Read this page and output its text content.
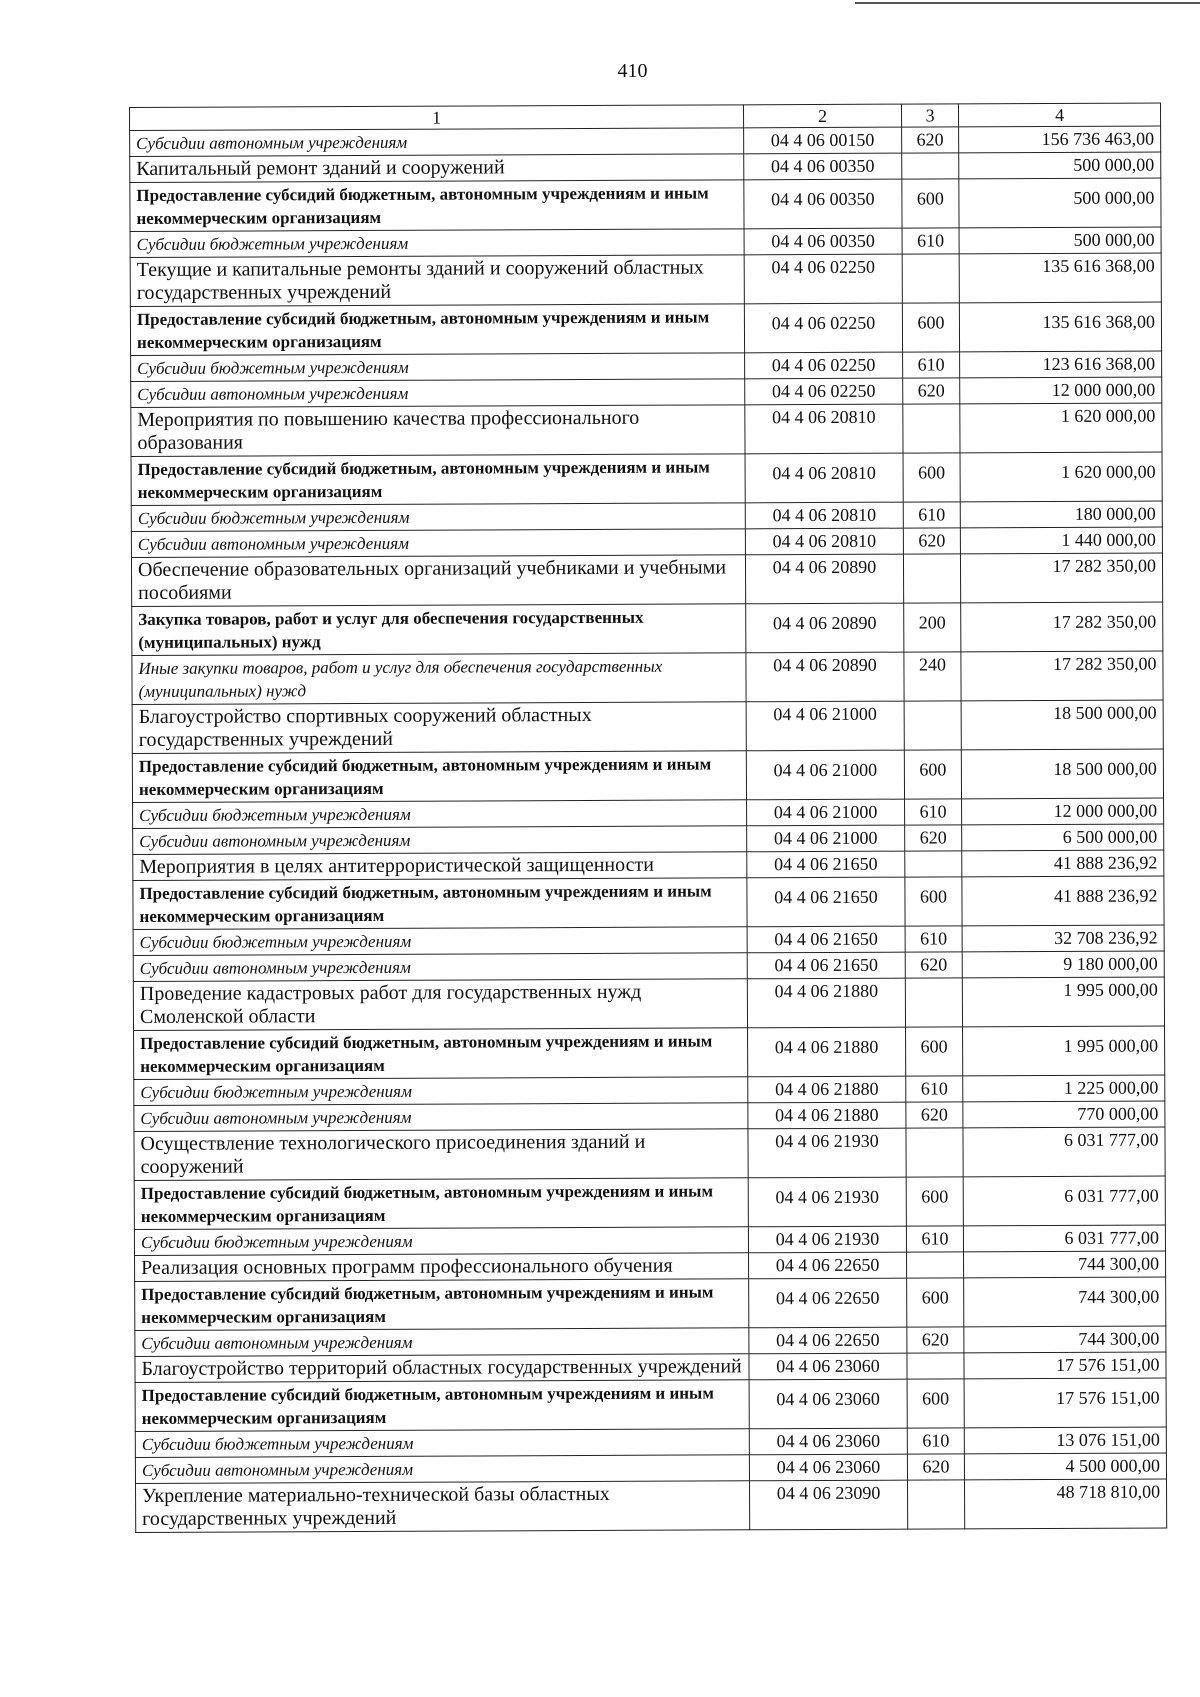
410
1	2	3	4
Субсидии автономным учреждениям	04 4 06 00150	620	156 736 463,00
Капитальный ремонт зданий и сооружений	04 4 06 00350		500 000,00
Предоставление субсидий бюджетным, автономным учреждениям и иным некоммерческим организациям	04 4 06 00350	600	500 000,00
Субсидии бюджетным учреждениям	04 4 06 00350	610	500 000,00
Текущие и капитальные ремонты зданий и сооружений областных государственных учреждений	04 4 06 02250		135 616 368,00
Предоставление субсидий бюджетным, автономным учреждениям и иным некоммерческим организациям	04 4 06 02250	600	135 616 368,00
Субсидии бюджетным учреждениям	04 4 06 02250	610	123 616 368,00
Субсидии автономным учреждениям	04 4 06 02250	620	12 000 000,00
Мероприятия по повышению качества профессионального образования	04 4 06 20810		1 620 000,00
Предоставление субсидий бюджетным, автономным учреждениям и иным некоммерческим организациям	04 4 06 20810	600	1 620 000,00
Субсидии бюджетным учреждениям	04 4 06 20810	610	180 000,00
Субсидии автономным учреждениям	04 4 06 20810	620	1 440 000,00
Обеспечение образовательных организаций учебниками и учебными пособиями	04 4 06 20890		17 282 350,00
Закупка товаров, работ и услуг для обеспечения государственных (муниципальных) нужд	04 4 06 20890	200	17 282 350,00
Иные закупки товаров, работ и услуг для обеспечения государственных (муниципальных) нужд	04 4 06 20890	240	17 282 350,00
Благоустройство спортивных сооружений областных государственных учреждений	04 4 06 21000		18 500 000,00
Предоставление субсидий бюджетным, автономным учреждениям и иным некоммерческим организациям	04 4 06 21000	600	18 500 000,00
Субсидии бюджетным учреждениям	04 4 06 21000	610	12 000 000,00
Субсидии автономным учреждениям	04 4 06 21000	620	6 500 000,00
Мероприятия в целях антитеррористической защищенности	04 4 06 21650		41 888 236,92
Предоставление субсидий бюджетным, автономным учреждениям и иным некоммерческим организациям	04 4 06 21650	600	41 888 236,92
Субсидии бюджетным учреждениям	04 4 06 21650	610	32 708 236,92
Субсидии автономным учреждениям	04 4 06 21650	620	9 180 000,00
Проведение кадастровых работ для государственных нужд Смоленской области	04 4 06 21880		1 995 000,00
Предоставление субсидий бюджетным, автономным учреждениям и иным некоммерческим организациям	04 4 06 21880	600	1 995 000,00
Субсидии бюджетным учреждениям	04 4 06 21880	610	1 225 000,00
Субсидии автономным учреждениям	04 4 06 21880	620	770 000,00
Осуществление технологического присоединения зданий и сооружений	04 4 06 21930		6 031 777,00
Предоставление субсидий бюджетным, автономным учреждениям и иным некоммерческим организациям	04 4 06 21930	600	6 031 777,00
Субсидии бюджетным учреждениям	04 4 06 21930	610	6 031 777,00
Реализация основных программ профессионального обучения	04 4 06 22650		744 300,00
Предоставление субсидий бюджетным, автономным учреждениям и иным некоммерческим организациям	04 4 06 22650	600	744 300,00
Субсидии автономным учреждениям	04 4 06 22650	620	744 300,00
Благоустройство территорий областных государственных учреждений	04 4 06 23060		17 576 151,00
Предоставление субсидий бюджетным, автономным учреждениям и иным некоммерческим организациям	04 4 06 23060	600	17 576 151,00
Субсидии бюджетным учреждениям	04 4 06 23060	610	13 076 151,00
Субсидии автономным учреждениям	04 4 06 23060	620	4 500 000,00
Укрепление материально-технической базы областных государственных учреждений	04 4 06 23090		48 718 810,00
